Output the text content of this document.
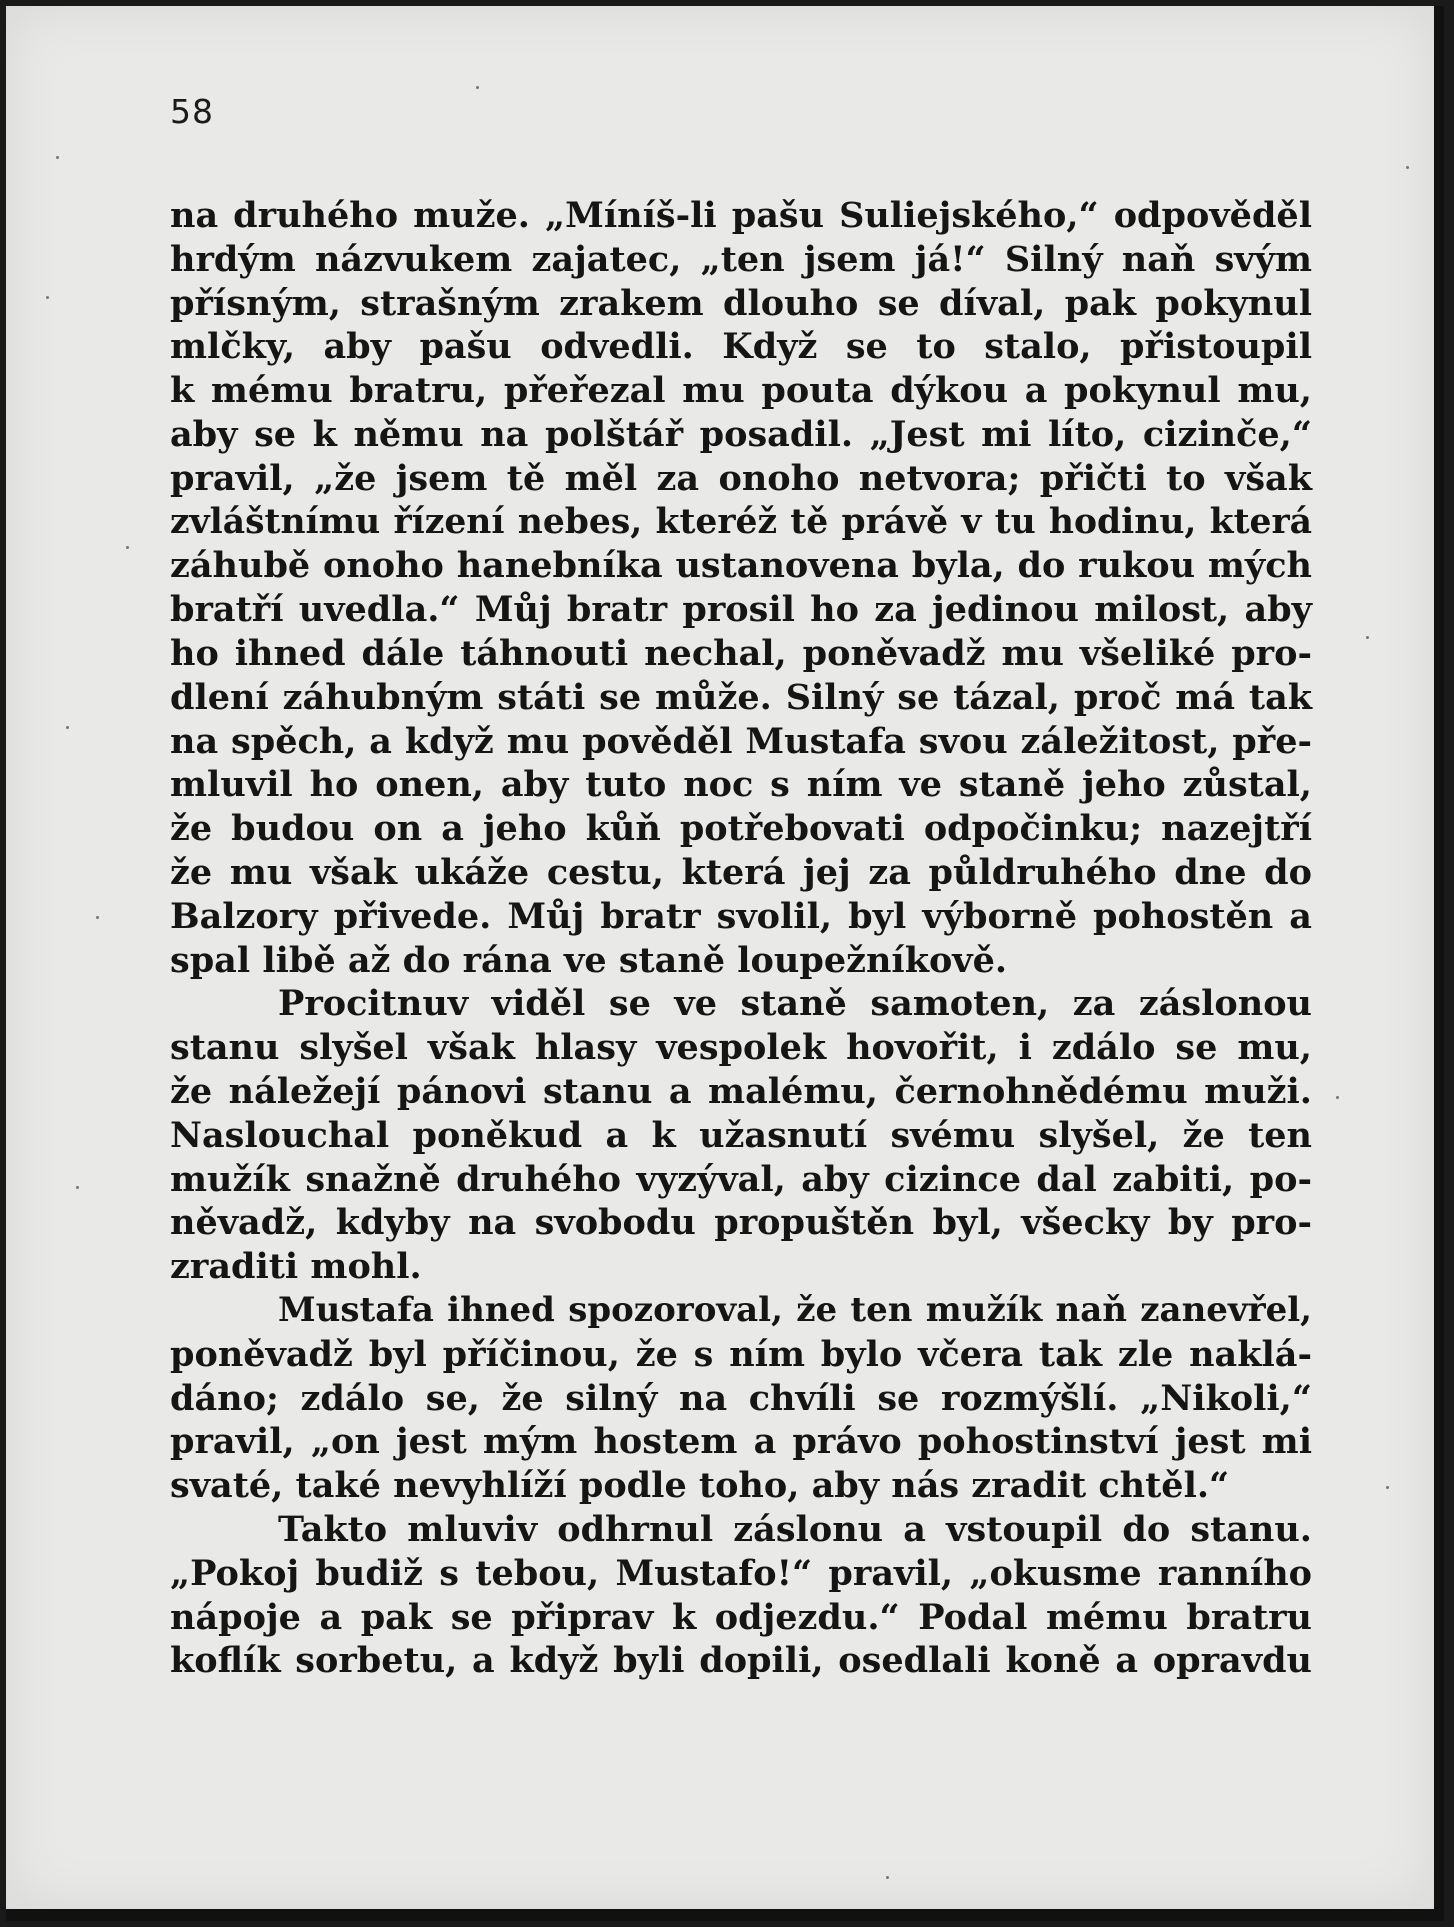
58
na druhého muže. „Míníš-li pašu Suliejského,“ odpověděl
hrdým názvukem zajatec, „ten jsem já!“ Silný naň svým
přísným, strašným zrakem dlouho se díval, pak pokynul
mlčky, aby pašu odvedli. Když se to stalo, přistoupil
k mému bratru, přeřezal mu pouta dýkou a pokynul mu,
aby se k němu na polštář posadil. „Jest mi líto, cizinče,“
pravil, „že jsem tě měl za onoho netvora; přičti to však
zvláštnímu řízení nebes, kteréž tě právě v tu hodinu, která
záhubě onoho hanebníka ustanovena byla, do rukou mých
bratří uvedla.“ Můj bratr prosil ho za jedinou milost, aby
ho ihned dále táhnouti nechal, poněvadž mu všeliké pro-
dlení záhubným státi se může. Silný se tázal, proč má tak
na spěch, a když mu pověděl Mustafa svou záležitost, pře-
mluvil ho onen, aby tuto noc s ním ve staně jeho zůstal,
že budou on a jeho kůň potřebovati odpočinku; nazejtří
že mu však ukáže cestu, která jej za půldruhého dne do
Balzory přivede. Můj bratr svolil, byl výborně pohostěn a
spal libě až do rána ve staně loupežníkově.
Procitnuv viděl se ve staně samoten, za záslonou
stanu slyšel však hlasy vespolek hovořit, i zdálo se mu,
že náležejí pánovi stanu a malému, černohnědému muži.
Naslouchal poněkud a k užasnutí svému slyšel, že ten
mužík snažně druhého vyzýval, aby cizince dal zabiti, po-
něvadž, kdyby na svobodu propuštěn byl, všecky by pro-
zraditi mohl.
Mustafa ihned spozoroval, že ten mužík naň zanevřel,
poněvadž byl příčinou, že s ním bylo včera tak zle naklá-
dáno; zdálo se, že silný na chvíli se rozmýšlí. „Nikoli,“
pravil, „on jest mým hostem a právo pohostinství jest mi
svaté, také nevyhlíží podle toho, aby nás zradit chtěl.“
Takto mluviv odhrnul záslonu a vstoupil do stanu.
„Pokoj budiž s tebou, Mustafo!“ pravil, „okusme ranního
nápoje a pak se připrav k odjezdu.“ Podal mému bratru
koflík sorbetu, a když byli dopili, osedlali koně a opravdu
